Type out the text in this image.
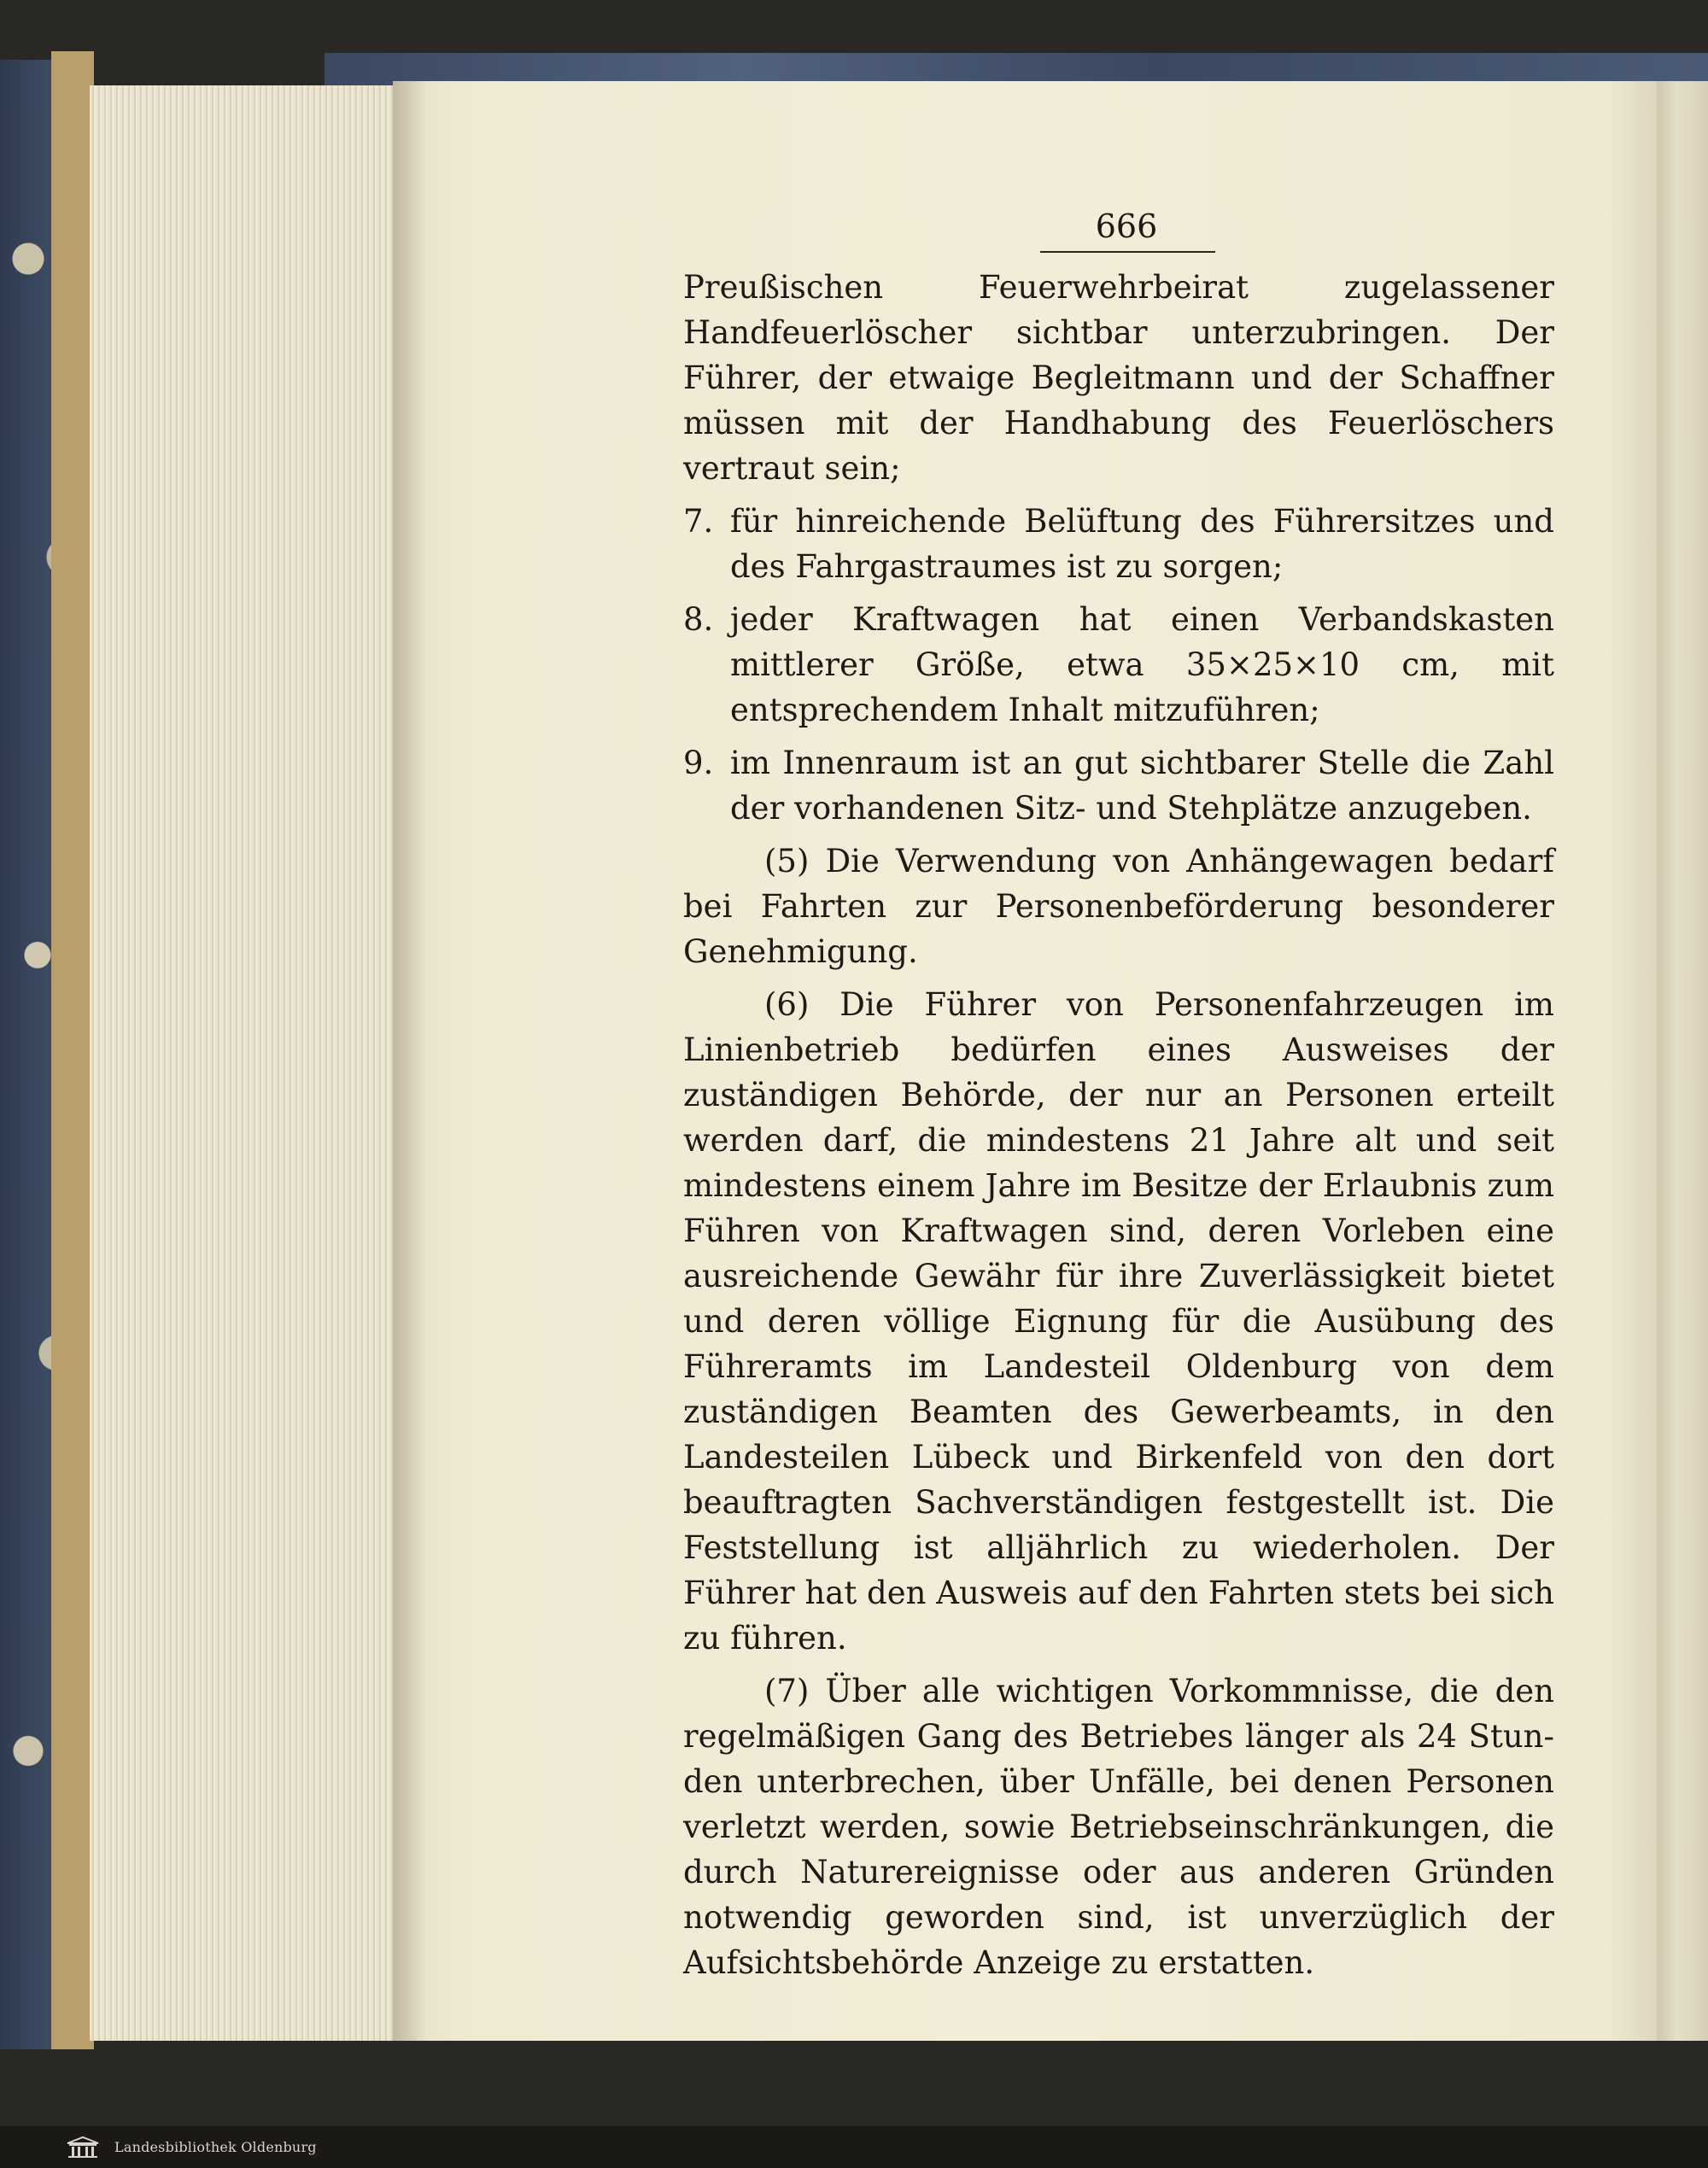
666

Preußischen Feuerwehrbeirat zugelassener Handfeuerlöscher sichtbar unterzubringen. Der Führer, der etwaige Begleitmann und der Schaffner müssen mit der Handhabung des Feuerlöschers vertraut sein;

7. für hinreichende Belüftung des Führersitzes und des Fahrgastraumes ist zu sorgen;
8. jeder Kraftwagen hat einen Verbandskasten mittlerer Größe, etwa 35×25×10 cm, mit entsprechendem Inhalt mitzuführen;
9. im Innenraum ist an gut sichtbarer Stelle die Zahl der vorhandenen Sitz- und Stehplätze anzugeben.

(5) Die Verwendung von Anhängewagen bedarf bei Fahrten zur Personenbeförderung besonderer Genehmigung.

(6) Die Führer von Personenfahrzeugen im Linienbetrieb bedürfen eines Ausweises der zuständigen Behörde, der nur an Personen erteilt werden darf, die mindestens 21 Jahre alt und seit mindestens einem Jahre im Besitze der Erlaubnis zum Führen von Kraftwagen sind, deren Vorleben eine ausreichende Gewähr für ihre Zuverlässigkeit bietet und deren völlige Eignung für die Ausübung des Führeramts im Landesteil Oldenburg von dem zuständigen Beamten des Gewerbeamts, in den Landesteilen Lübeck und Birkenfeld von den dort beauftragten Sachverständigen festgestellt ist. Die Feststellung ist alljährlich zu wiederholen. Der Führer hat den Ausweis auf den Fahrten stets bei sich zu führen.

(7) Über alle wichtigen Vorkommnisse, die den regelmäßigen Gang des Betriebes länger als 24 Stunden unterbrechen, über Unfälle, bei denen Personen verletzt werden, sowie Betriebseinschränkungen, die durch Naturereignisse oder aus anderen Gründen notwendig geworden sind, ist unverzüglich der Aufsichtsbehörde Anzeige zu erstatten.

Landesbibliothek Oldenburg
